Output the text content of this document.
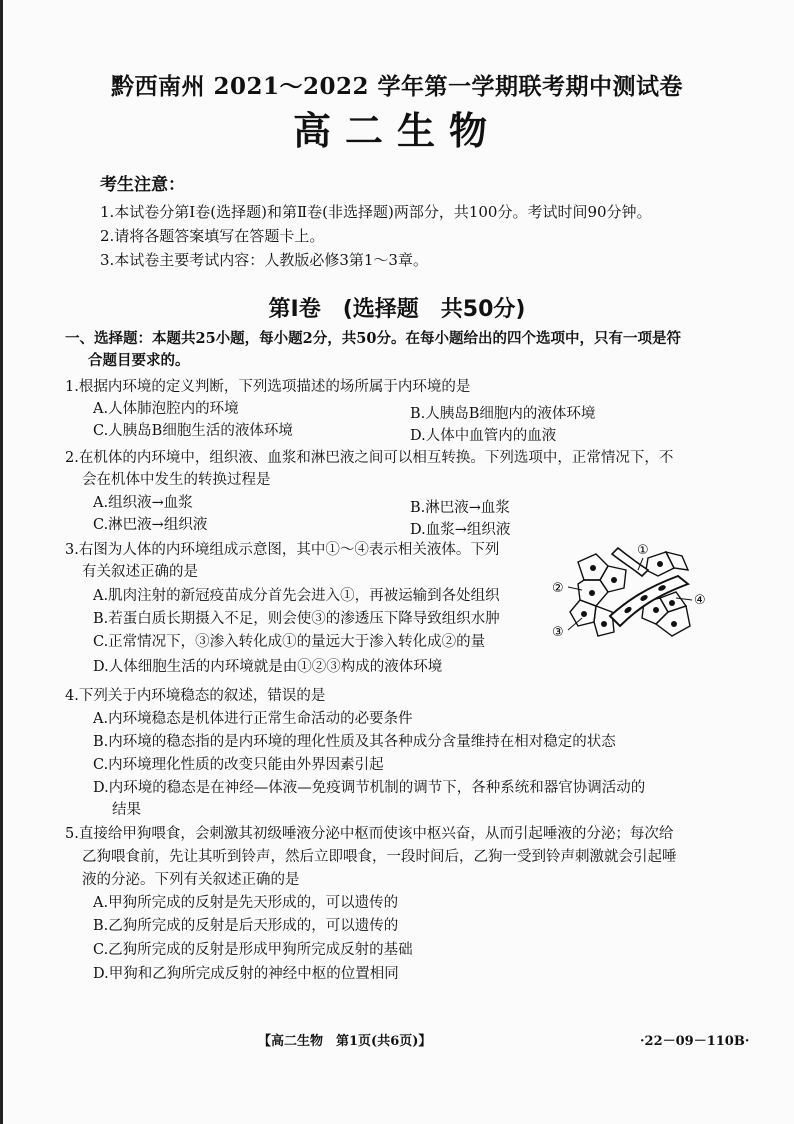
黔西南州 2021～2022 学年第一学期联考期中测试卷
高二生物
考生注意：
1.本试卷分第Ⅰ卷(选择题)和第Ⅱ卷(非选择题)两部分，共100分。考试时间90分钟。
2.请将各题答案填写在答题卡上。
3.本试卷主要考试内容：人教版必修3第1～3章。
第Ⅰ卷　(选择题　共50分)
一、选择题：本题共25小题，每小题2分，共50分。在每小题给出的四个选项中，只有一项是符
合题目要求的。
1.根据内环境的定义判断，下列选项描述的场所属于内环境的是
A.人体肺泡腔内的环境	B.人胰岛B细胞内的液体环境
C.人胰岛B细胞生活的液体环境	D.人体中血管内的血液
2.在机体的内环境中，组织液、血浆和淋巴液之间可以相互转换。下列选项中，正常情况下，不
会在机体中发生的转换过程是
A.组织液→血浆	B.淋巴液→血浆
C.淋巴液→组织液	D.血浆→组织液
3.右图为人体的内环境组成示意图，其中①～④表示相关液体。下列
有关叙述正确的是
A.肌肉注射的新冠疫苗成分首先会进入①，再被运输到各处组织
B.若蛋白质长期摄入不足，则会使③的渗透压下降导致组织水肿
C.正常情况下，③渗入转化成①的量远大于渗入转化成②的量
D.人体细胞生活的内环境就是由①②③构成的液体环境
①
②
③
④
4.下列关于内环境稳态的叙述，错误的是
A.内环境稳态是机体进行正常生命活动的必要条件
B.内环境的稳态指的是内环境的理化性质及其各种成分含量维持在相对稳定的状态
C.内环境理化性质的改变只能由外界因素引起
D.内环境的稳态是在神经—体液—免疫调节机制的调节下，各种系统和器官协调活动的
结果
5.直接给甲狗喂食，会刺激其初级唾液分泌中枢而使该中枢兴奋，从而引起唾液的分泌；每次给
乙狗喂食前，先让其听到铃声，然后立即喂食，一段时间后，乙狗一受到铃声刺激就会引起唾
液的分泌。下列有关叙述正确的是
A.甲狗所完成的反射是先天形成的，可以遗传的
B.乙狗所完成的反射是后天形成的，可以遗传的
C.乙狗所完成的反射是形成甲狗所完成反射的基础
D.甲狗和乙狗所完成反射的神经中枢的位置相同
【高二生物　第1页(共6页)】	·22－09－110B·
